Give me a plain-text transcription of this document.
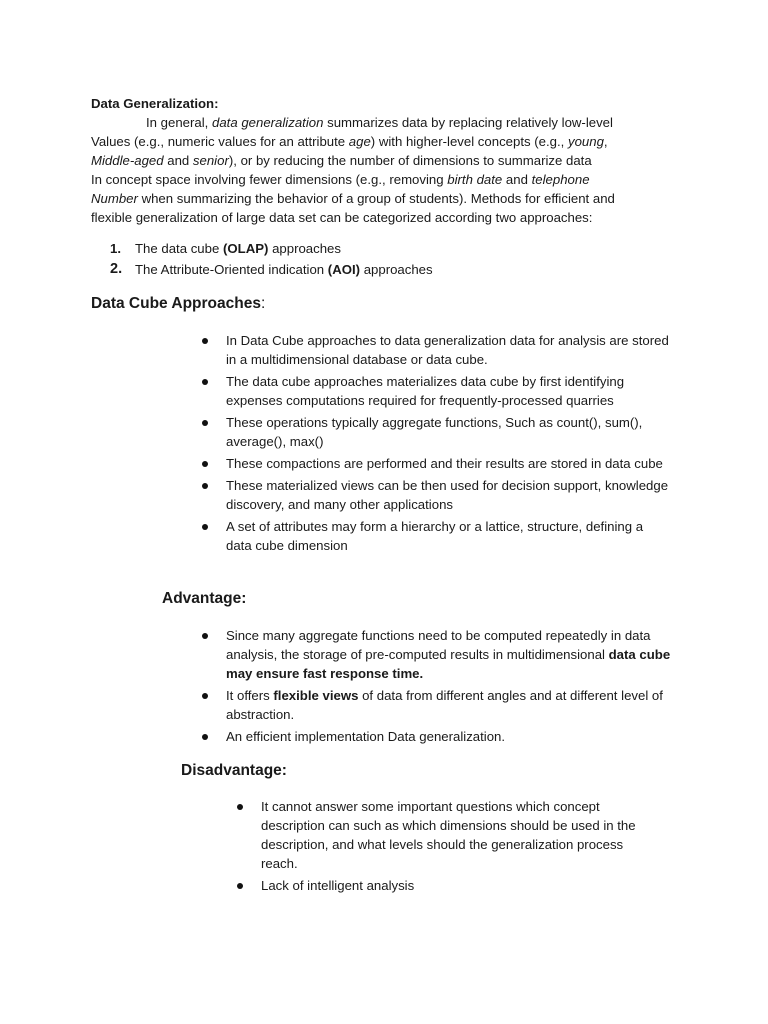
Data Generalization:
In general, data generalization summarizes data by replacing relatively low-level
Values (e.g., numeric values for an attribute age) with higher-level concepts (e.g., young,
Middle-aged and senior), or by reducing the number of dimensions to summarize data
In concept space involving fewer dimensions (e.g., removing birth date and telephone
Number when summarizing the behavior of a group of students). Methods for efficient and
flexible generalization of large data set can be categorized according two approaches:
1.	The data cube (OLAP) approaches
2. The Attribute-Oriented indication (AOI) approaches
Data Cube Approaches:
In Data Cube approaches to data generalization data for analysis are stored in a multidimensional database or data cube.
The data cube approaches materializes data cube by first identifying expenses computations required for frequently-processed quarries
These operations typically aggregate functions, Such as count(), sum(), average(), max()
These compactions are performed and their results are stored in data cube
These materialized views can be then used for decision support, knowledge discovery, and many other applications
A set of attributes may form a hierarchy or a lattice, structure, defining a data cube dimension
Advantage:
Since many aggregate functions need to be computed repeatedly in data analysis, the storage of pre-computed results in multidimensional data cube may ensure fast response time.
It offers flexible views of data from different angles and at different level of abstraction.
An efficient implementation Data generalization.
Disadvantage:
It cannot answer some important questions which concept description can such as which dimensions should be used in the description, and what levels should the generalization process reach.
Lack of intelligent analysis
